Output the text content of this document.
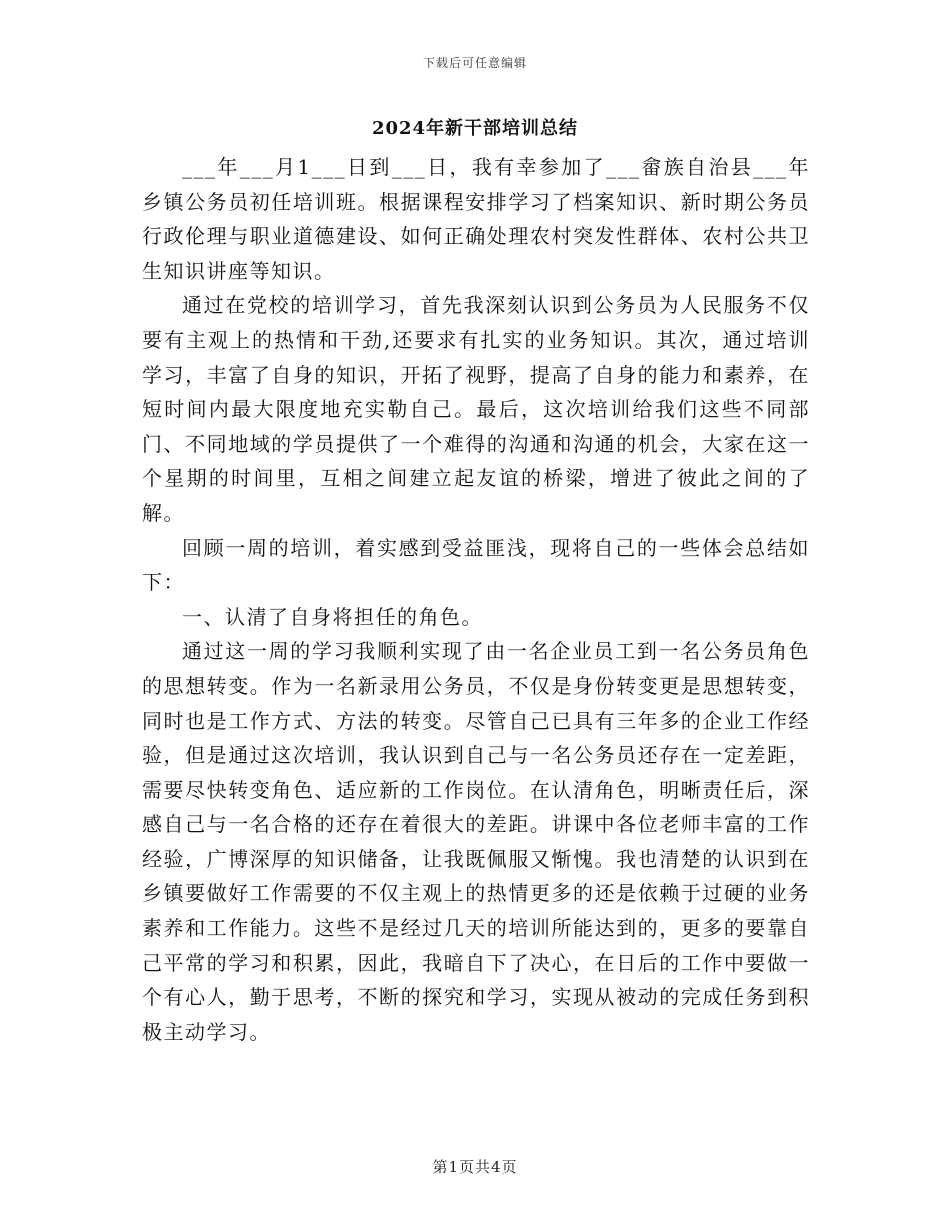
下载后可任意编辑
2024年新干部培训总结

___年___月1___日到___日，我有幸参加了___畲族自治县___年乡镇公务员初任培训班。根据课程安排学习了档案知识、新时期公务员行政伦理与职业道德建设、如何正确处理农村突发性群体、农村公共卫生知识讲座等知识。

通过在党校的培训学习，首先我深刻认识到公务员为人民服务不仅要有主观上的热情和干劲,还要求有扎实的业务知识。其次，通过培训学习，丰富了自身的知识，开拓了视野，提高了自身的能力和素养，在短时间内最大限度地充实勒自己。最后，这次培训给我们这些不同部门、不同地域的学员提供了一个难得的沟通和沟通的机会，大家在这一个星期的时间里，互相之间建立起友谊的桥梁，增进了彼此之间的了解。

回顾一周的培训，着实感到受益匪浅，现将自己的一些体会总结如下：

一、认清了自身将担任的角色。

通过这一周的学习我顺利实现了由一名企业员工到一名公务员角色的思想转变。作为一名新录用公务员，不仅是身份转变更是思想转变，同时也是工作方式、方法的转变。尽管自己已具有三年多的企业工作经验，但是通过这次培训，我认识到自己与一名公务员还存在一定差距，需要尽快转变角色、适应新的工作岗位。在认清角色，明晰责任后，深感自己与一名合格的还存在着很大的差距。讲课中各位老师丰富的工作经验，广博深厚的知识储备，让我既佩服又惭愧。我也清楚的认识到在乡镇要做好工作需要的不仅主观上的热情更多的还是依赖于过硬的业务素养和工作能力。这些不是经过几天的培训所能达到的，更多的要靠自己平常的学习和积累，因此，我暗自下了决心，在日后的工作中要做一个有心人，勤于思考，不断的探究和学习，实现从被动的完成任务到积极主动学习。

第1页共4页
